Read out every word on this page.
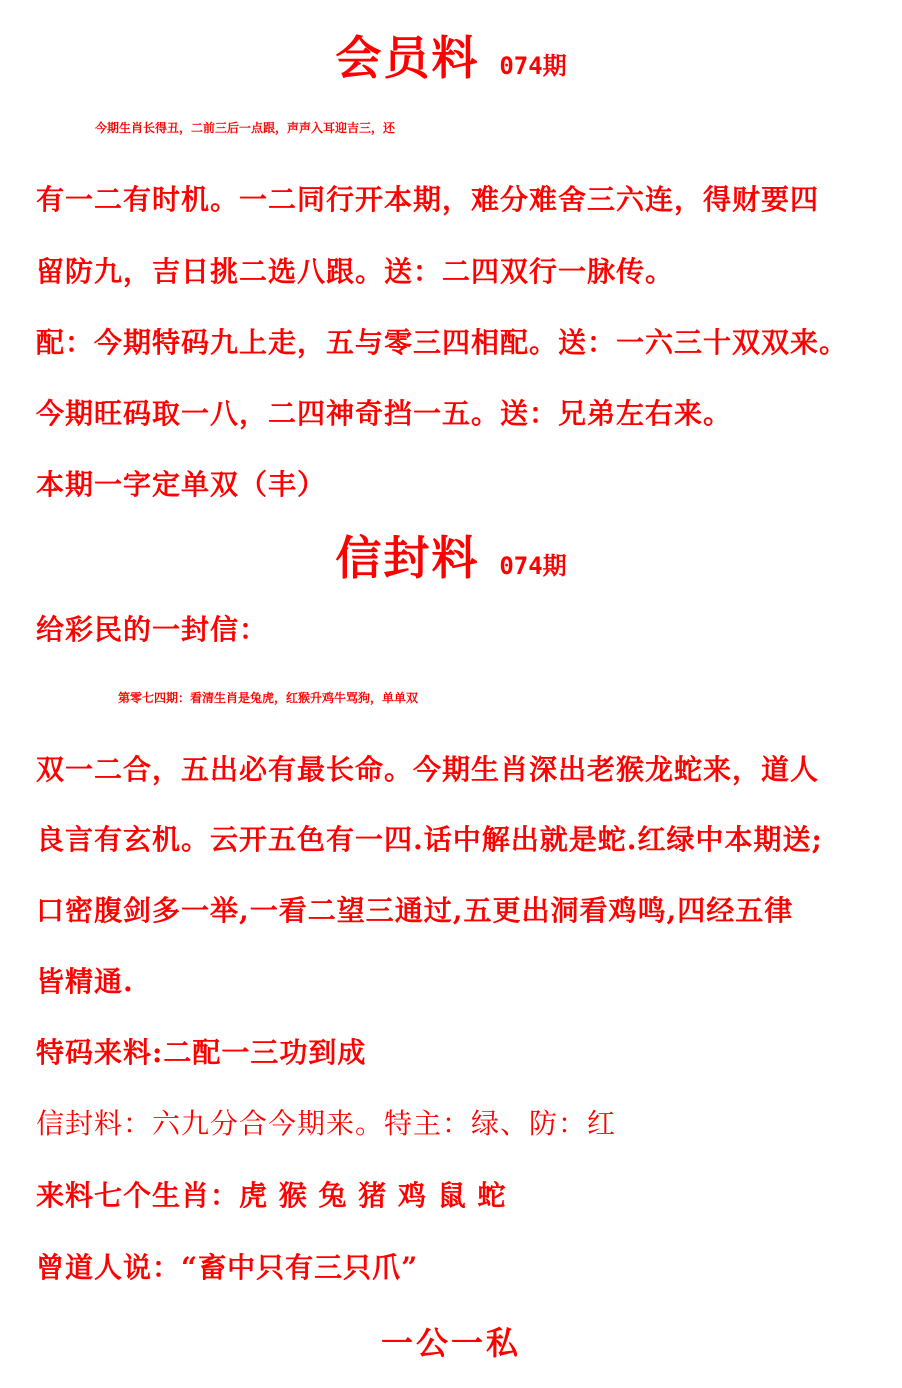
会员料 074期
今期生肖长得丑，二前三后一点跟，声声入耳迎吉三，还
有一二有时机。一二同行开本期，难分难舍三六连，得财要四
留防九，吉日挑二选八跟。送：二四双行一脉传。
配：今期特码九上走，五与零三四相配。送：一六三十双双来。
今期旺码取一八，二四神奇挡一五。送：兄弟左右来。
本期一字定单双（丰）
信封料 074期
给彩民的一封信：
第零七四期：看清生肖是兔虎，红猴升鸡牛骂狗，单单双
双一二合，五出必有最长命。今期生肖深出老猴龙蛇来，道人
良言有玄机。云开五色有一四.话中解出就是蛇.红绿中本期送;
口密腹剑多一举,一看二望三通过,五更出洞看鸡鸣,四经五律
皆精通.
特码来料:二配一三功到成
信封料：六九分合今期来。特主：绿、防：红
来料七个生肖：虎 猴 兔 猪 鸡 鼠 蛇
曾道人说：“畜中只有三只爪”
一公一私
